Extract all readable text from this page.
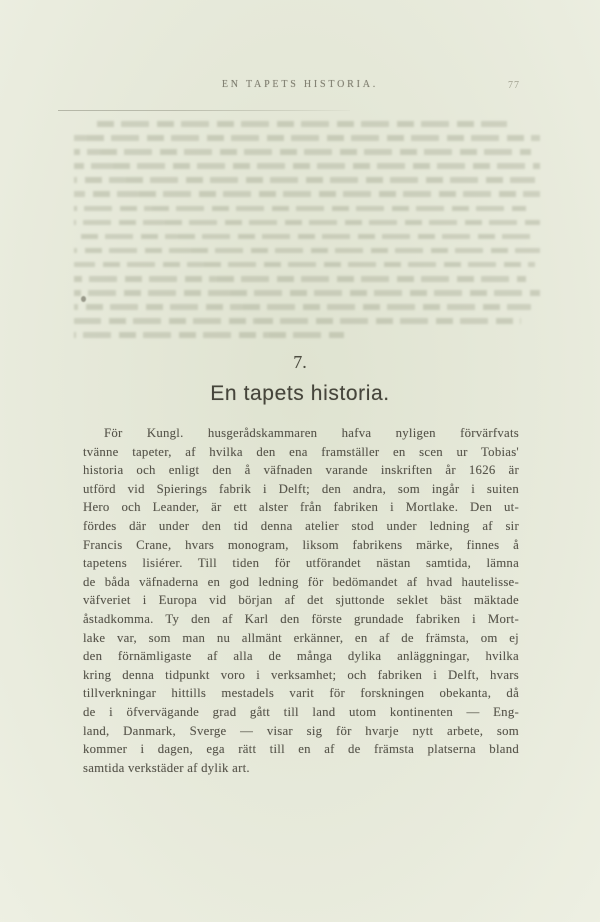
EN TAPETS HISTORIA.	77
7.
En tapets historia.
För Kungl. husgerådskammaren hafva nyligen förvärfvats
tvänne tapeter, af hvilka den ena framställer en scen ur Tobias'
historia och enligt den å väfnaden varande inskriften år 1626 är
utförd vid Spierings fabrik i Delft; den andra, som ingår i suiten
Hero och Leander, är ett alster från fabriken i Mortlake. Den ut-
fördes där under den tid denna atelier stod under ledning af sir
Francis Crane, hvars monogram, liksom fabrikens märke, finnes å
tapetens lisiérer. Till tiden för utförandet nästan samtida, lämna
de båda väfnaderna en god ledning för bedömandet af hvad hautelisse-
väfveriet i Europa vid början af det sjuttonde seklet bäst mäktade
åstadkomma. Ty den af Karl den förste grundade fabriken i Mort-
lake var, som man nu allmänt erkänner, en af de främsta, om ej
den förnämligaste af alla de många dylika anläggningar, hvilka
kring denna tidpunkt voro i verksamhet; och fabriken i Delft, hvars
tillverkningar hittills mestadels varit för forskningen obekanta, då
de i öfvervägande grad gått till land utom kontinenten — Eng-
land, Danmark, Sverge — visar sig för hvarje nytt arbete, som
kommer i dagen, ega rätt till en af de främsta platserna bland
samtida verkstäder af dylik art.
